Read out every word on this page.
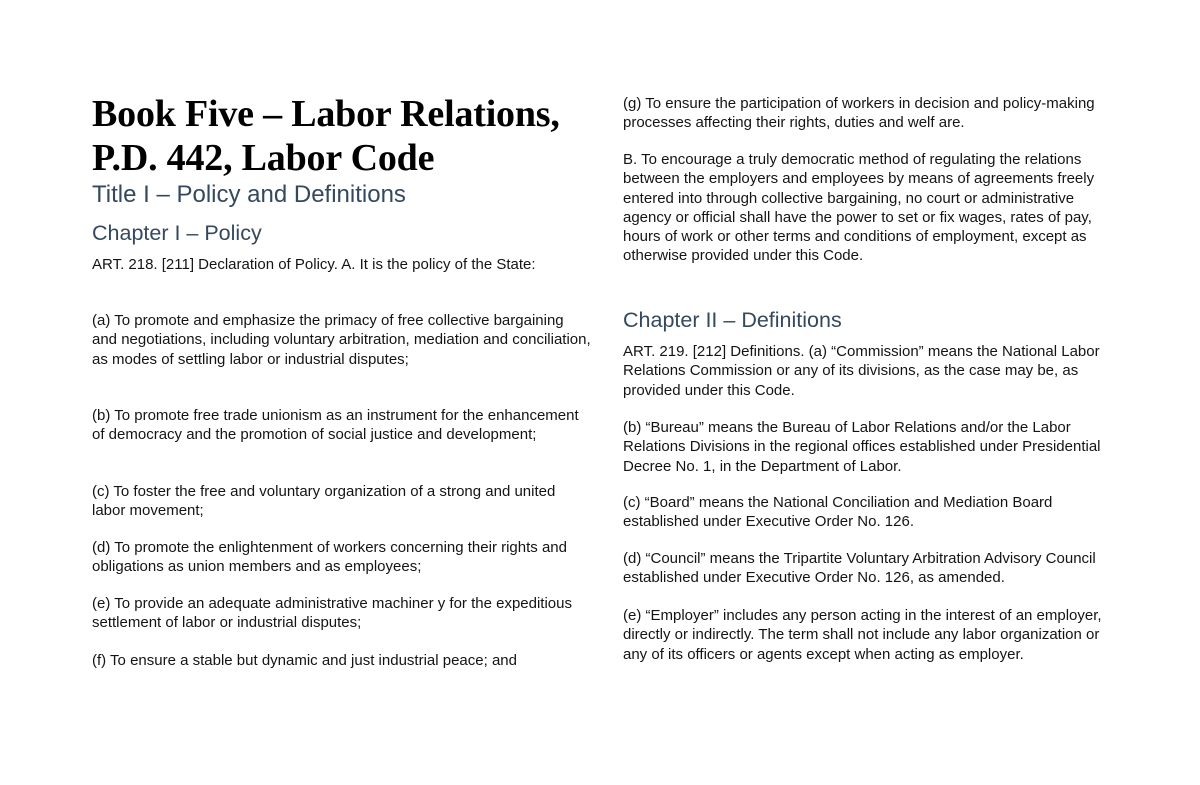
Book Five – Labor Relations, P.D. 442, Labor Code
Title I – Policy and Definitions
Chapter I – Policy

ART. 218. [211] Declaration of Policy. A. It is the policy of the State:

(a) To promote and emphasize the primacy of free collective bargaining and negotiations, including voluntary arbitration, mediation and conciliation, as modes of settling labor or industrial disputes;

(b) To promote free trade unionism as an instrument for the enhancement of democracy and the promotion of social justice and development;

(c) To foster the free and voluntary organization of a strong and united labor movement;

(d) To promote the enlightenment of workers concerning their rights and obligations as union members and as employees;

(e) To provide an adequate administrative machiner y for the expeditious settlement of labor or industrial disputes;

(f) To ensure a stable but dynamic and just industrial peace; and

(g) To ensure the participation of workers in decision and policy-making processes affecting their rights, duties and welf are.

B. To encourage a truly democratic method of regulating the relations between the employers and employees by means of agreements freely entered into through collective bargaining, no court or administrative agency or official shall have the power to set or fix wages, rates of pay, hours of work or other terms and conditions of employment, except as otherwise provided under this Code.

Chapter II – Definitions

ART. 219. [212] Definitions. (a) “Commission” means the National Labor Relations Commission or any of its divisions, as the case may be, as provided under this Code.

(b) “Bureau” means the Bureau of Labor Relations and/or the Labor Relations Divisions in the regional offices established under Presidential Decree No. 1, in the Department of Labor.

(c) “Board” means the National Conciliation and Mediation Board established under Executive Order No. 126.

(d) “Council” means the Tripartite Voluntary Arbitration Advisory Council established under Executive Order No. 126, as amended.

(e) “Employer” includes any person acting in the interest of an employer, directly or indirectly. The term shall not include any labor organization or any of its officers or agents except when acting as employer.
